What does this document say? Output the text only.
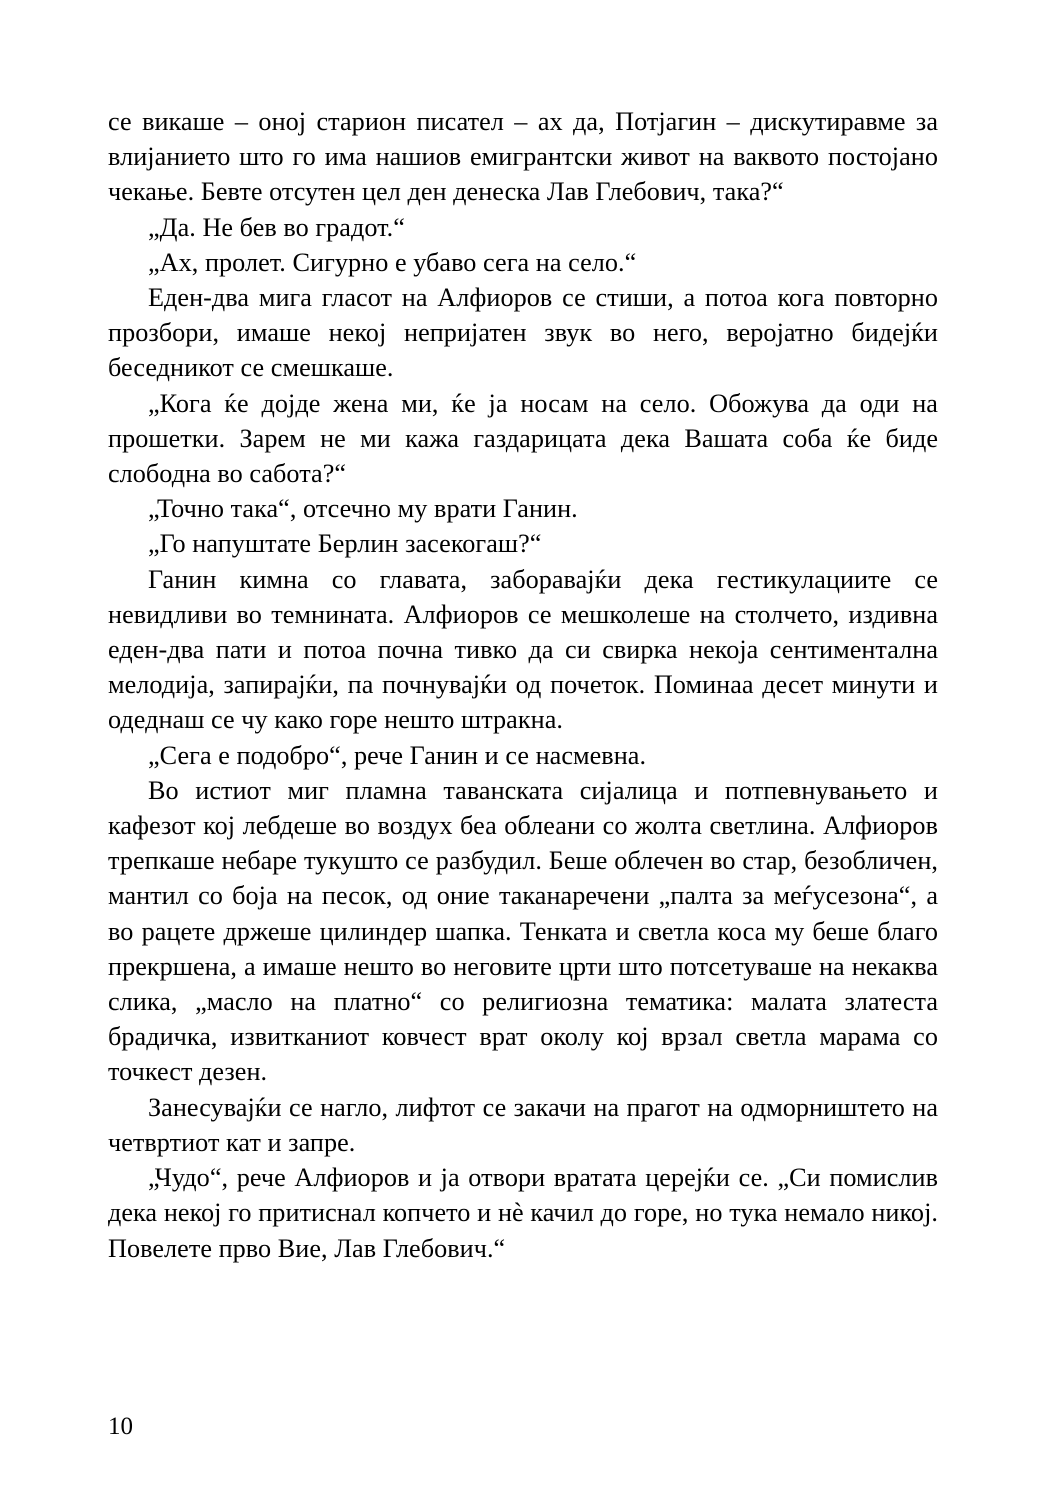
се викаше – оној старион писател – ах да, Потјагин – дискутиравме за влијанието што го има нашиов емигрантски живот на ваквото постојано чекање. Бевте отсутен цел ден денеска Лав Глебович, така?“

„Да. Не бев во градот.“

„Ах, пролет. Сигурно е убаво сега на село.“

Еден-два мига гласот на Алфиоров се стиши, а потоа кога повторно прозбори, имаше некој непријатен звук во него, веројатно бидејќи беседникот се смешкаше.

„Кога ќе дојде жена ми, ќе ја носам на село. Обожува да оди на прошетки. Зарем не ми кажа газдарицата дека Вашата соба ќе биде слободна во сабота?“

„Точно така“, отсечно му врати Ганин.

„Го напуштате Берлин засекогаш?“

Ганин кимна со главата, заборавајќи дека гестикулациите се невидливи во темнината. Алфиоров се мешколеше на столчето, издивна еден-два пати и потоа почна тивко да си свирка некоја сентиментална мелодија, запирајќи, па почнувајќи од почеток. Поминаа десет минути и одеднаш се чу како горе нешто штракна.

„Сега е подобро“, рече Ганин и се насмевна.

Во истиот миг пламна таванската сијалица и потпевнувањето и кафезот кој лебдеше во воздух беа облеани со жолта светлина. Алфиоров трепкаше небаре тукушто се разбудил. Беше облечен во стар, безобличен, мантил со боја на песок, од оние таканаречени „палта за меѓусезона“, а во рацете држеше цилиндер шапка. Тенката и светла коса му беше благо прекршена, а имаше нешто во неговите црти што потсетуваше на некаква слика, „масло на платно“ со религиозна тематика: малата златеста брадичка, извитканиот ковчест врат околу кој врзал светла марама со точкест дезен.

Занесувајќи се нагло, лифтот се закачи на прагот на одморништето на четвртиот кат и запре.

„Чудо“, рече Алфиоров и ја отвори вратата церејќи се. „Си помислив дека некој го притиснал копчето и нè качил до горе, но тука немало никој. Повелете прво Вие, Лав Глебович.“

10
